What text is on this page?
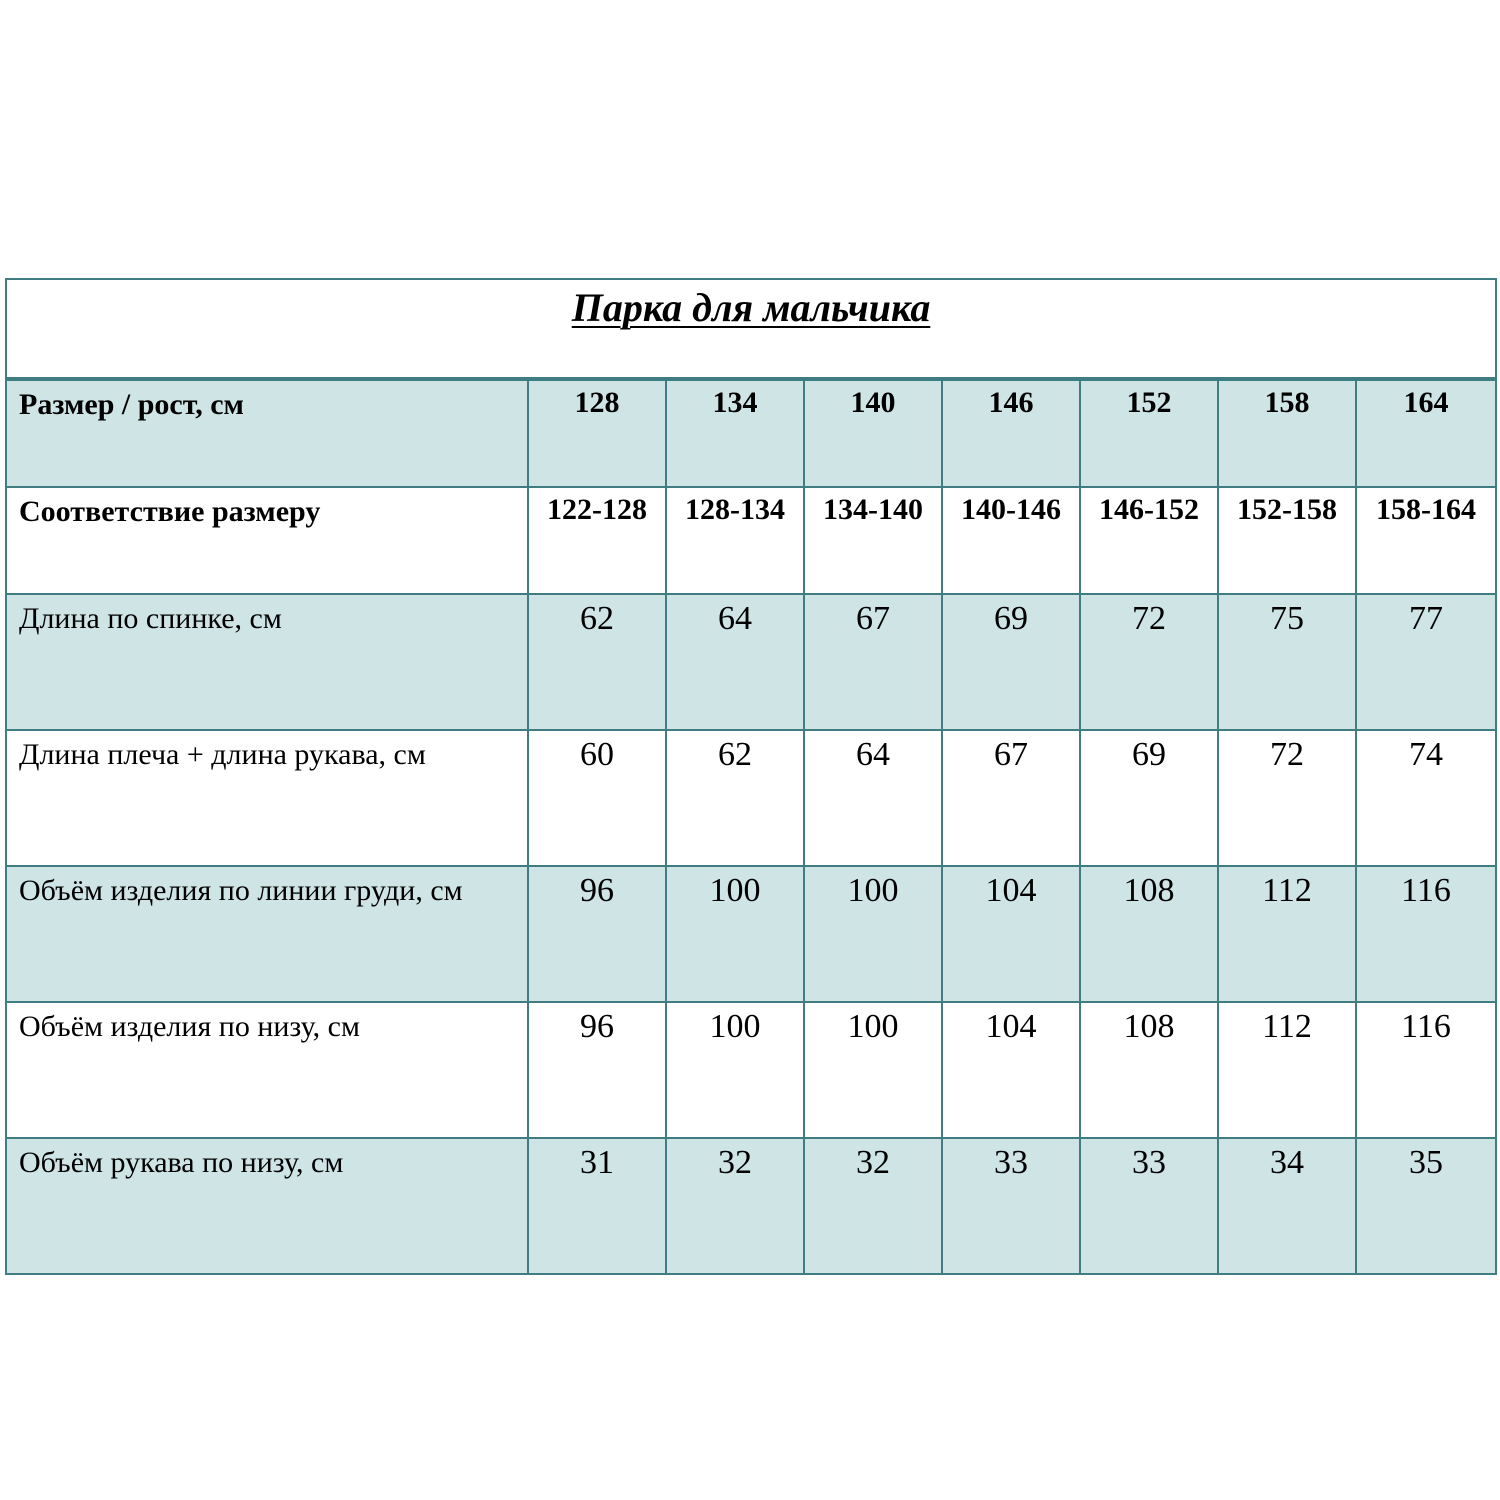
Парка для мальчика							
Размер / рост, см	128	134	140	146	152	158	164
Соответствие размеру	122-128	128-134	134-140	140-146	146-152	152-158	158-164
Длина по спинке, см	62	64	67	69	72	75	77
Длина плеча + длина рукава, см	60	62	64	67	69	72	74
Объём изделия по линии груди, см	96	100	100	104	108	112	116
Объём изделия по низу, см	96	100	100	104	108	112	116
Объём рукава по низу, см	31	32	32	33	33	34	35
